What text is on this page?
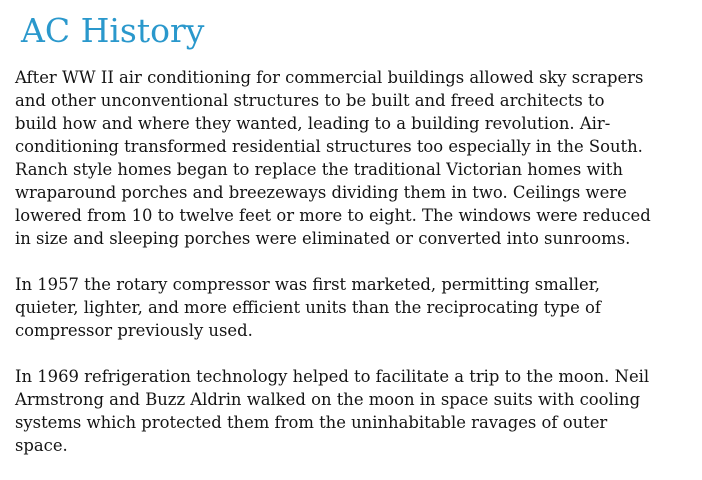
AC History

After WW II air conditioning for commercial buildings allowed sky scrapers
and other unconventional structures to be built and freed architects to
build how and where they wanted, leading to a building revolution. Air-
conditioning transformed residential structures too especially in the South.
Ranch style homes began to replace the traditional Victorian homes with
wraparound porches and breezeways dividing them in two. Ceilings were
lowered from 10 to twelve feet or more to eight. The windows were reduced
in size and sleeping porches were eliminated or converted into sunrooms.

In 1957 the rotary compressor was first marketed, permitting smaller,
quieter, lighter, and more efficient units than the reciprocating type of
compressor previously used.

In 1969 refrigeration technology helped to facilitate a trip to the moon. Neil
Armstrong and Buzz Aldrin walked on the moon in space suits with cooling
systems which protected them from the uninhabitable ravages of outer
space.
